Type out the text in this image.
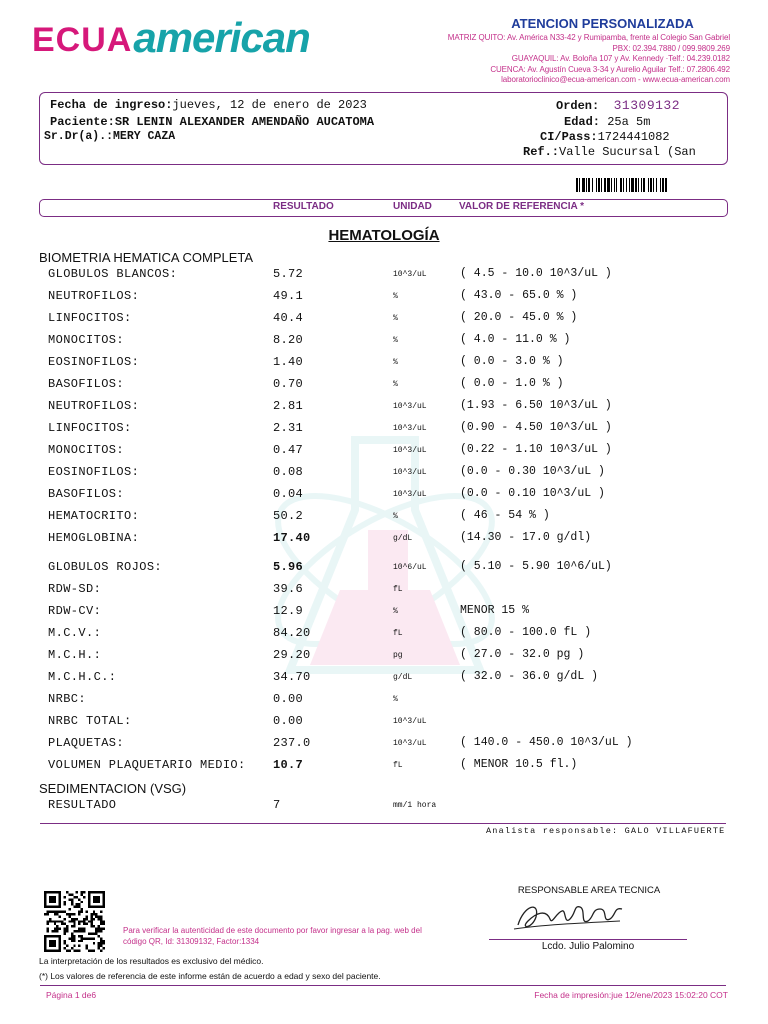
ECUA american	ATENCION PERSONALIZADA
MATRIZ QUITO: Av. América N33-42 y Rumipamba, frente al Colegio San Gabriel
PBX: 02.394.7880 / 099.9809.269
GUAYAQUIL: Av. Boloña 107 y Av. Kennedy ·Telf.: 04.239.0182
CUENCA: Av. Agustín Cueva 3-34 y Aurelio Aguilar Telf.: 07.2806.492
laboratorioclinico@ecua-american.com - www.ecua-american.com
Fecha de ingreso:jueves, 12 de enero de 2023
Paciente:SR LENIN ALEXANDER AMENDAÑO AUCATOMA
Sr.Dr(a).:MERY CAZA
Orden: 31309132
Edad: 25a 5m
CI/Pass:1724441082
Ref.:Valle Sucursal (San
RESULTADO	UNIDAD	VALOR DE REFERENCIA *
HEMATOLOGÍA
BIOMETRIA HEMATICA COMPLETA
GLOBULOS BLANCOS:	5.72	10^3/uL	( 4.5 - 10.0 10^3/uL )
NEUTROFILOS:	49.1	%	( 43.0 - 65.0 % )
LINFOCITOS:	40.4	%	( 20.0 - 45.0 % )
MONOCITOS:	8.20	%	( 4.0 - 11.0 % )
EOSINOFILOS:	1.40	%	( 0.0 - 3.0 % )
BASOFILOS:	0.70	%	( 0.0 - 1.0 % )
NEUTROFILOS:	2.81	10^3/uL	(1.93 - 6.50 10^3/uL )
LINFOCITOS:	2.31	10^3/uL	(0.90 - 4.50 10^3/uL )
MONOCITOS:	0.47	10^3/uL	(0.22 - 1.10 10^3/uL )
EOSINOFILOS:	0.08	10^3/uL	(0.0 - 0.30 10^3/uL )
BASOFILOS:	0.04	10^3/uL	(0.0 - 0.10 10^3/uL )
HEMATOCRITO:	50.2	%	( 46 - 54 % )
HEMOGLOBINA:	17.40	g/dL	(14.30 - 17.0 g/dl)
GLOBULOS ROJOS:	5.96	10^6/uL	( 5.10 - 5.90 10^6/uL)
RDW-SD:	39.6	fL
RDW-CV:	12.9	%	MENOR 15 %
M.C.V.:	84.20	fL	( 80.0 - 100.0 fL )
M.C.H.:	29.20	pg	( 27.0 - 32.0 pg )
M.C.H.C.:	34.70	g/dL	( 32.0 - 36.0 g/dL )
NRBC:	0.00	%
NRBC TOTAL:	0.00	10^3/uL
PLAQUETAS:	237.0	10^3/uL	( 140.0 - 450.0 10^3/uL )
VOLUMEN PLAQUETARIO MEDIO: 10.7	fL	( MENOR 10.5 fl.)
SEDIMENTACION (VSG)
RESULTADO	7	mm/1 hora
Analista responsable: GALO VILLAFUERTE
Para verificar la autenticidad de este documento por favor ingresar a la pag. web del código QR, Id: 31309132, Factor:1334
La interpretación de los resultados es exclusivo del médico.
(*) Los valores de referencia de este informe están de acuerdo a edad y sexo del paciente.
RESPONSABLE AREA TECNICA
Lcdo. Julio Palomino
Página 1 de6	Fecha de impresión:jue 12/ene/2023 15:02:20 COT
